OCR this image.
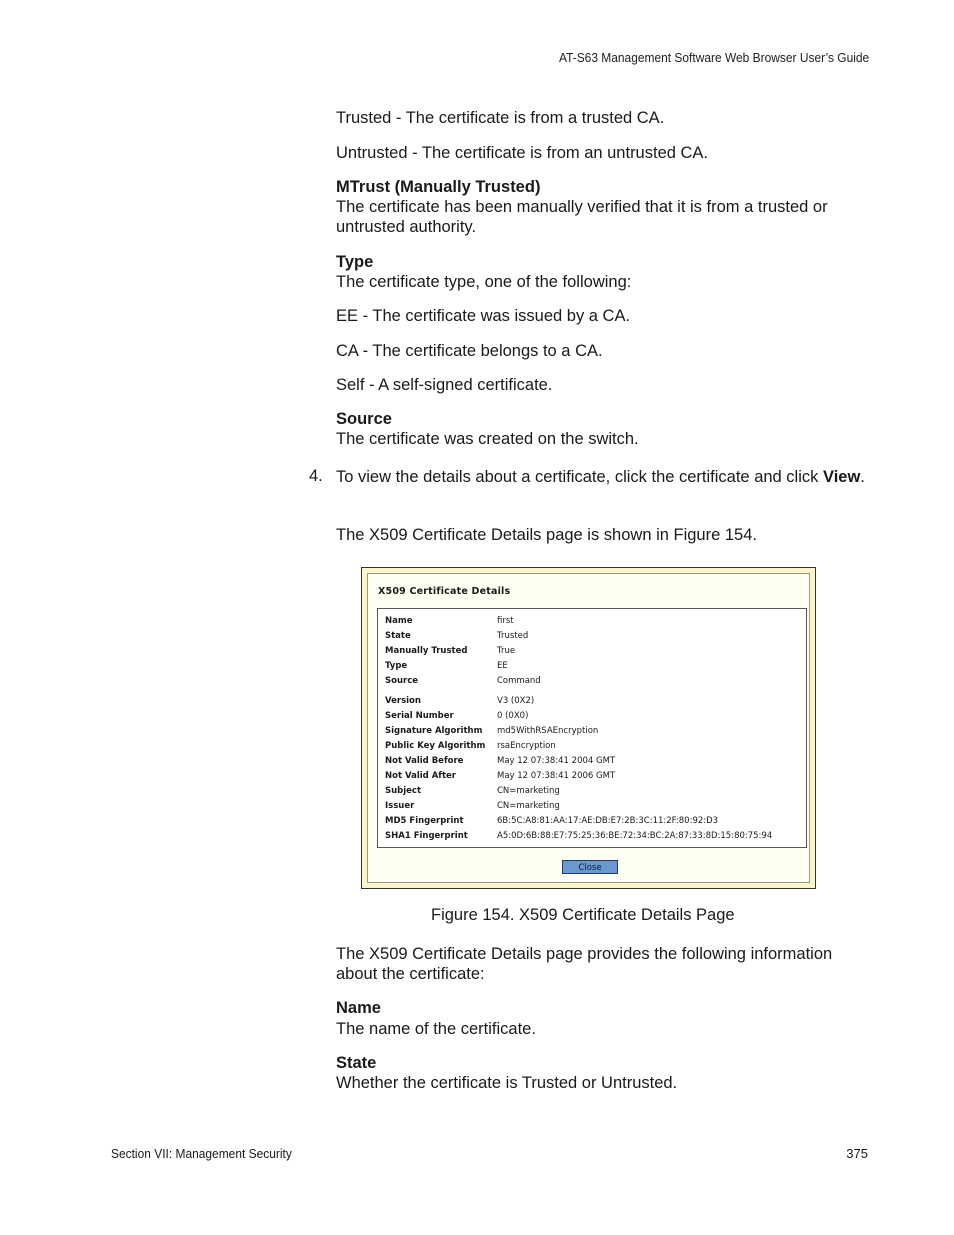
AT-S63 Management Software Web Browser User’s Guide
Trusted - The certificate is from a trusted CA.
Untrusted - The certificate is from an untrusted CA.
MTrust (Manually Trusted)
The certificate has been manually verified that it is from a trusted or untrusted authority.
Type
The certificate type, one of the following:
EE - The certificate was issued by a CA.
CA - The certificate belongs to a CA.
Self - A self-signed certificate.
Source
The certificate was created on the switch.
4. To view the details about a certificate, click the certificate and click View.
The X509 Certificate Details page is shown in Figure 154.
X509 Certificate Details
Name	first
State	Trusted
Manually Trusted	True
Type	EE
Source	Command
Version	V3 (0X2)
Serial Number	0 (0X0)
Signature Algorithm md5WithRSAEncryption
Public Key Algorithm rsaEncryption
Not Valid Before	May 12 07:38:41 2004 GMT
Not Valid After	May 12 07:38:41 2006 GMT
Subject	CN=marketing
Issuer	CN=marketing
MD5 Fingerprint	6B:5C:A8:81:AA:17:AE:DB:E7:2B:3C:11:2F:80:92:D3
SHA1 Fingerprint	A5:0D:6B:88:E7:75:25:36:BE:72:34:BC:2A:87:33:8D:15:80:75:94
Close
Figure 154. X509 Certificate Details Page
The X509 Certificate Details page provides the following information about the certificate:
Name
The name of the certificate.
State
Whether the certificate is Trusted or Untrusted.
Section VII: Management Security	375
